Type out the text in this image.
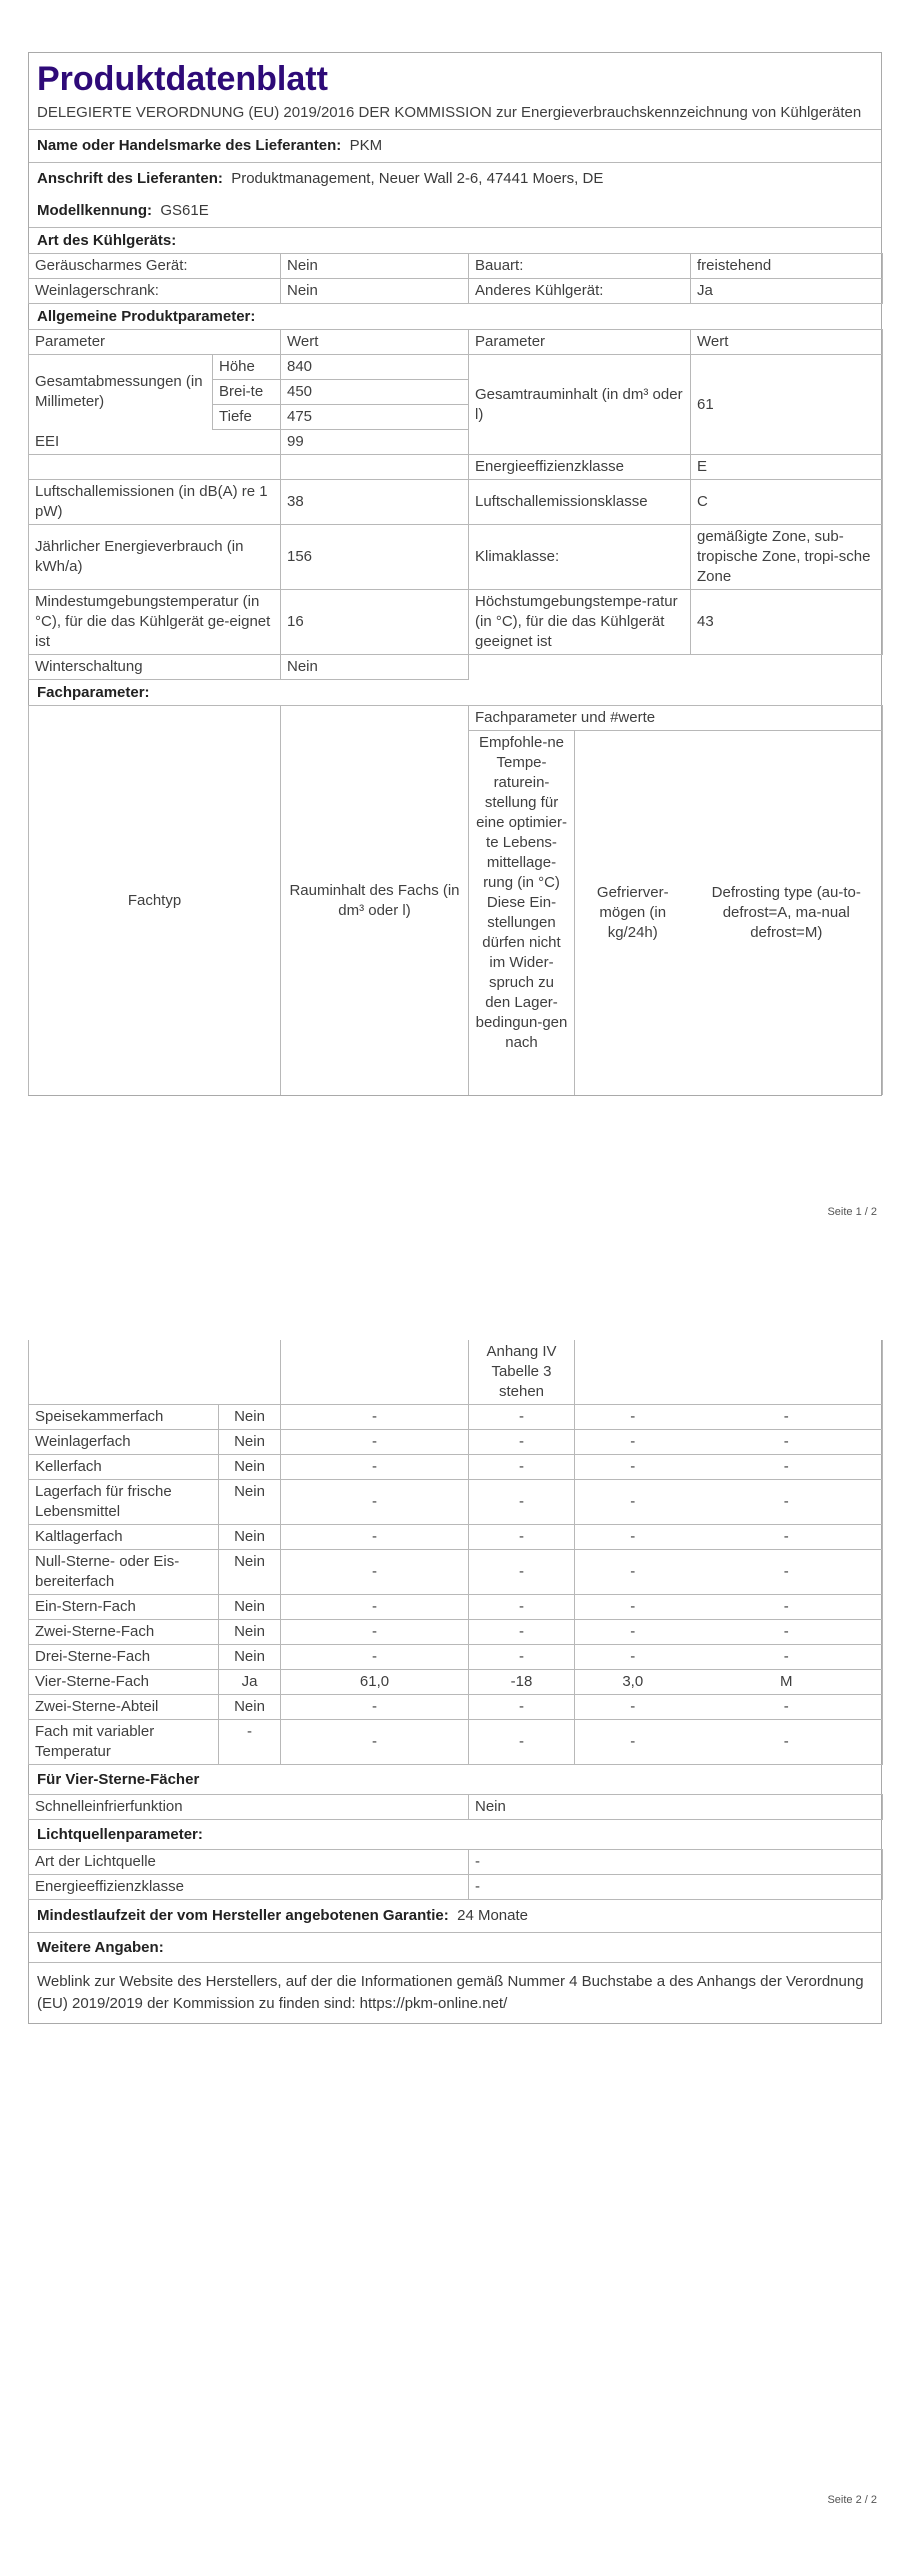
Produktdatenblatt
DELEGIERTE VERORDNUNG (EU) 2019/2016 DER KOMMISSION zur Energieverbrauchskennzeichnung von Kühlgeräten
Name oder Handelsmarke des Lieferanten: PKM
Anschrift des Lieferanten: Produktmanagement, Neuer Wall 2-6, 47441 Moers, DE
Modellkennung: GS61E
Art des Kühlgeräts:
Geräuscharmes Gerät:	Nein	Bauart:	freistehend
Weinlagerschrank:	Nein	Anderes Kühlgerät:	Ja
Allgemeine Produktparameter:
Parameter		Wert	Parameter	Wert
Gesamtabmessungen (in Millimeter)	Höhe	840	Gesamtrauminhalt (in dm³ oder l)	61
	Brei-te	450		
	Tiefe	475		
EEI		99		
			Energieeffizienzklasse	E
Luftschallemissionen (in dB(A) re 1 pW)		38	Luftschallemissionsklasse	C
Jährlicher Energieverbrauch (in kWh/a)		156	Klimaklasse:	gemäßigte Zone, sub-tropische Zone, tropi-sche Zone
Mindestumgebungstemperatur (in °C), für die das Kühlgerät ge-eignet ist		16	Höchstumgebungstempe-ratur (in °C), für die das Kühlgerät geeignet ist	43
Winterschaltung		Nein		
Fachparameter:
Fachtyp	Rauminhalt des Fachs (in dm³ oder l)	Fachparameter und #werte		
		Empfohle-ne Tempe-raturein-stellung für eine optimier-te Lebens-mittellage-rung (in °C) Diese Ein-stellungen dürfen nicht im Wider-spruch zu den Lager-bedingun-gen nach	Gefrierver-mögen (in kg/24h)	Defrosting type (au-to-defrost=A, ma-nual defrost=M)
Seite 1 / 2
			Anhang IV Tabelle 3 stehen		
Speisekammerfach	Nein	-	-	-	-
Weinlagerfach	Nein	-	-	-	-
Kellerfach	Nein	-	-	-	-
Lagerfach für frische Lebensmittel	Nein	-	-	-	-
Kaltlagerfach	Nein	-	-	-	-
Null-Sterne- oder Eis-bereiterfach	Nein	-	-	-	-
Ein-Stern-Fach	Nein	-	-	-	-
Zwei-Sterne-Fach	Nein	-	-	-	-
Drei-Sterne-Fach	Nein	-	-	-	-
Vier-Sterne-Fach	Ja	61,0	-18	3,0	M
Zwei-Sterne-Abteil	Nein	-	-	-	-
Fach mit variabler Temperatur	-	-	-	-	-
Für Vier-Sterne-Fächer
Schnelleinfrierfunktion	Nein
Lichtquellenparameter:
Art der Lichtquelle	-
Energieeffizienzklasse	-
Mindestlaufzeit der vom Hersteller angebotenen Garantie: 24 Monate
Weitere Angaben:
Weblink zur Website des Herstellers, auf der die Informationen gemäß Nummer 4 Buchstabe a des Anhangs der Verordnung (EU) 2019/2019 der Kommission zu finden sind: https://pkm-online.net/
Seite 2 / 2
